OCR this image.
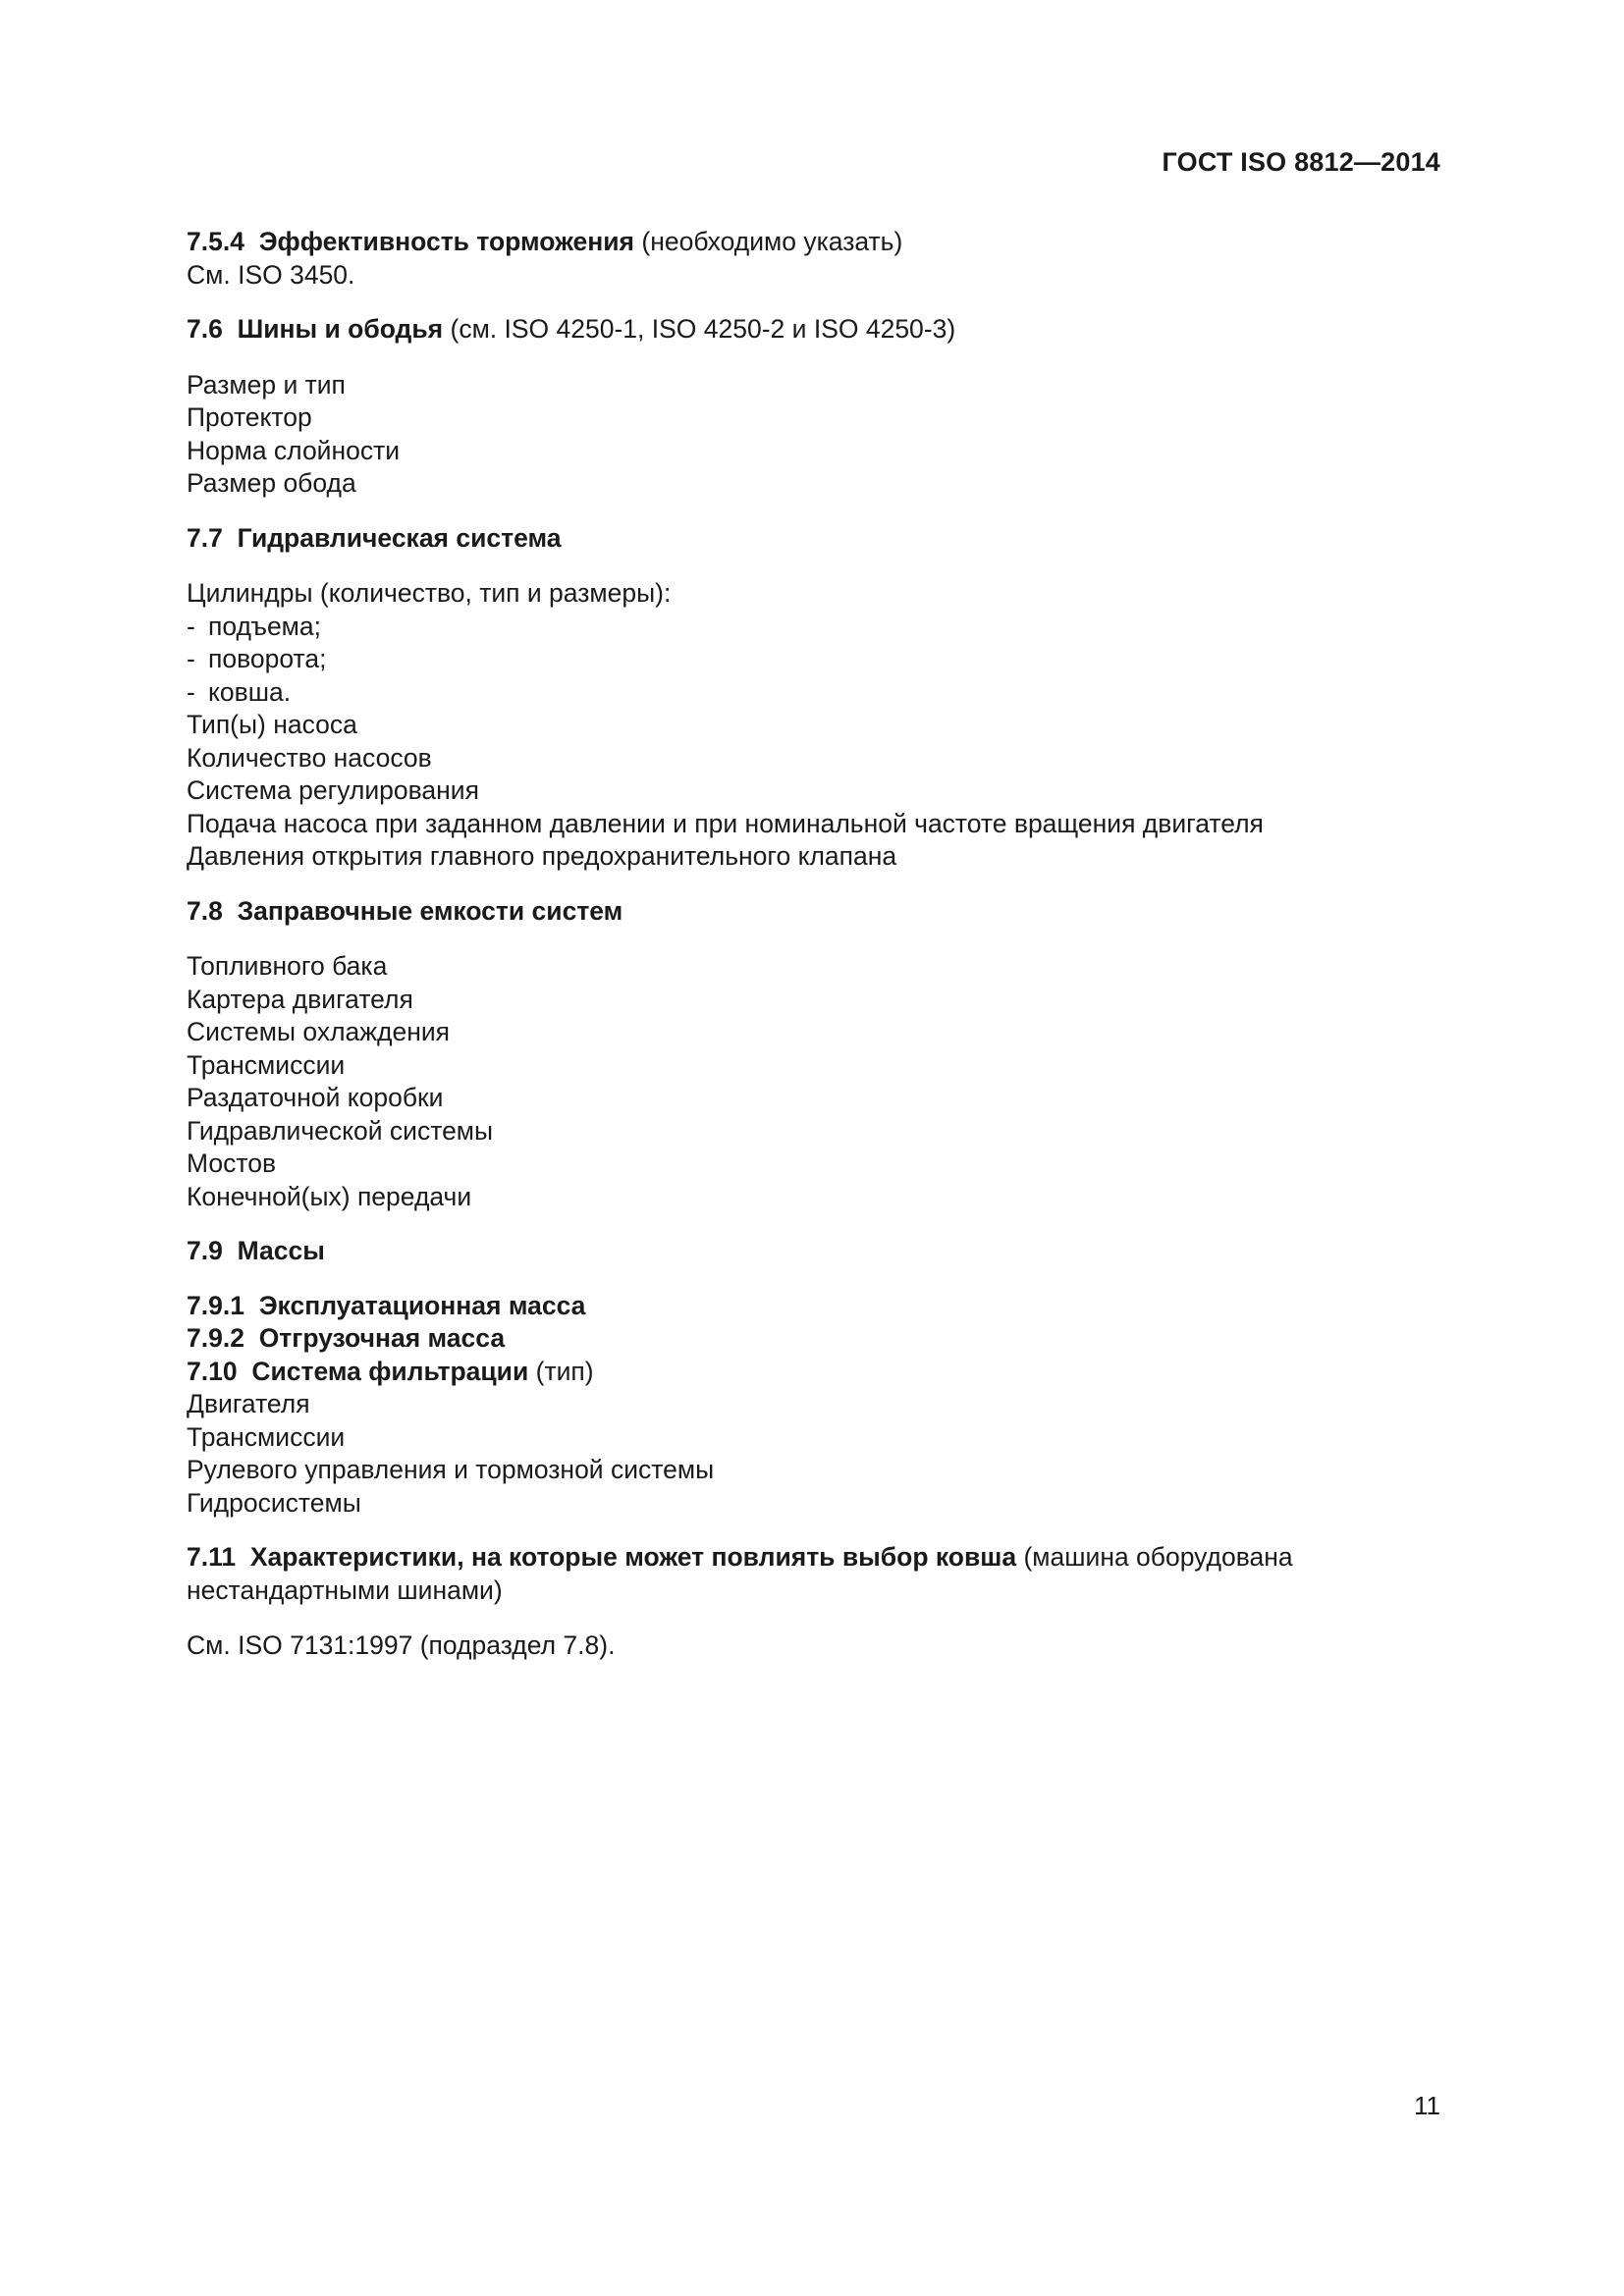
ГОСТ ISO 8812—2014
7.5.4 Эффективность торможения (необходимо указать)
См. ISO 3450.
7.6 Шины и ободья (см. ISO 4250-1, ISO 4250-2 и ISO 4250-3)
Размер и тип
Протектор
Норма слойности
Размер обода
7.7 Гидравлическая система
Цилиндры (количество, тип и размеры):
- подъема;
- поворота;
- ковша.
Тип(ы) насоса
Количество насосов
Система регулирования
Подача насоса при заданном давлении и при номинальной частоте вращения двигателя
Давления открытия главного предохранительного клапана
7.8 Заправочные емкости систем
Топливного бака
Картера двигателя
Системы охлаждения
Трансмиссии
Раздаточной коробки
Гидравлической системы
Мостов
Конечной(ых) передачи
7.9 Массы
7.9.1 Эксплуатационная масса
7.9.2 Отгрузочная масса
7.10 Система фильтрации (тип)
Двигателя
Трансмиссии
Рулевого управления и тормозной системы
Гидросистемы
7.11 Характеристики, на которые может повлиять выбор ковша (машина оборудована
нестандартными шинами)
См. ISO 7131:1997 (подраздел 7.8).
11
